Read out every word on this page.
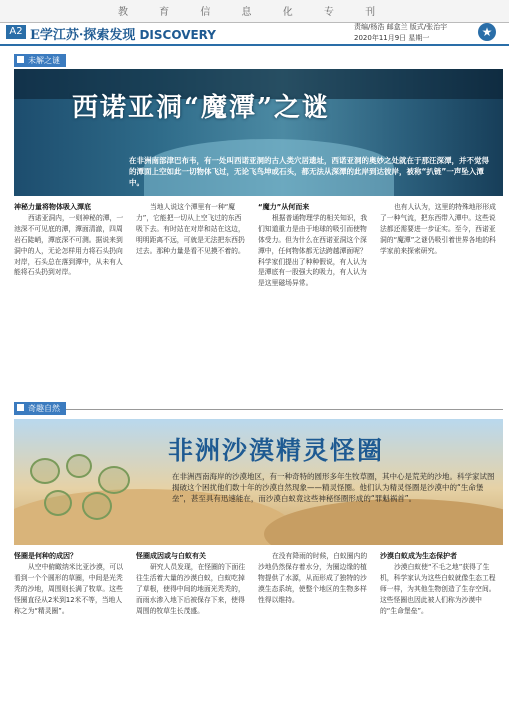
教 育 信 息 化 专 刊
A2 E学江苏·探索发现 DISCOVERY
责编/杨浩 邮盒兰 版式/张治宇
2020年11月9日 星期一	★
未解之谜
西诺亚洞“魔潭”之谜
在非洲南部津巴布韦，有一处叫西诺亚洞的古人类穴居遗址，西诺亚洞的奥妙之处就在于那汪深潭，并不觉得的潭面上空如此一切物体飞过，无论飞鸟坤或石头，都无法从深潭的此岸到达彼岸，被称“扒链”一声坠入潭中。
神秘力量将物体吸入潭底

西诺亚洞内，一则神秘的潭，一池深不可见底的潭，潭面清澈，四周岩石陡峭，潭底深不可测。据说来到洞中的人，无论怎样用力将石头扔向对岸，石头总在落到潭中，从未有人能将石头扔到对岸。

当地人说这个潭里有一种“魔力”，它能把一切从上空飞过的东西吸下去。有时站在对岸和站在这边，明明距离不远，可就是无法把东西扔过去。那种力量是看不见摸不着的。

“魔力”从何而来

根据普通物理学的相关知识，我们知道重力是由于地球的吸引而使物体受力。但为什么在西诺亚洞这个深潭中，任何物体都无法跨越潭面呢？科学家们提出了种种假说，有人认为是潭底有一股强大的吸力，有人认为是这里磁场异常。

也有人认为，这里的特殊地形形成了一种气流，把东西带入潭中。这些说法都还需要进一步证实。至今，西诺亚洞的“魔潭”之谜仍吸引着世界各地的科学家前来探索研究。

奇趣自然
非洲沙漠精灵怪圈
在非洲西南海岸的沙漠地区，有一种奇特的圆形多年生牧草圈，其中心是荒芜的沙地。科学家试图揭破这个困扰他们数十年的沙漠自然现象——精灵怪圈。他们认为精灵怪圈是沙漠中的“生命堡垒”，甚至具有迅速能在，而沙漠白蚁竟这些神秘怪圈形成的“罪魁祸首”。
怪圈是何种的成因？

从空中俯瞰纳米比亚沙漠，可以看到一个个圆形的草圈，中间是光秃秃的沙地，周围则长满了牧草。这些怪圈直径从2米到12米不等，当地人称之为“精灵圈”。

怪圈成因或与白蚁有关

研究人员发现，在怪圈的下面往往生活着大量的沙漠白蚁，白蚁吃掉了草根，使得中间的地面光秃秃的，而雨水渗入地下后被保存下来，使得周围的牧草生长茂盛。

在没有降雨的时候，白蚁圈内的沙地仍然保存着水分，为圈边缘的植物提供了水源，从而形成了独特的沙漠生态系统，使整个地区的生物多样性得以维持。

沙漠白蚁成为生态保护者

沙漠白蚁使“不毛之地”获得了生机，科学家认为这些白蚁就像生态工程师一样，为其他生物创造了生存空间。这些怪圈也因此被人们称为沙漠中的“生命堡垒”。
